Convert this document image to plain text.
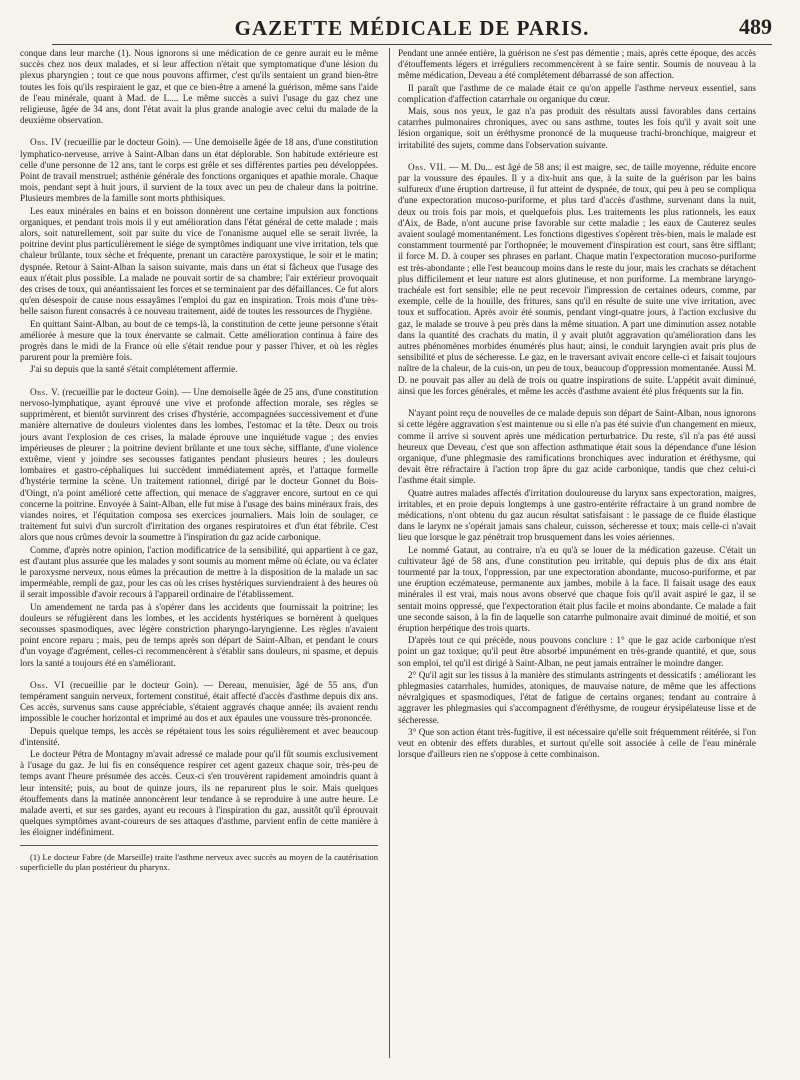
GAZETTE MÉDICALE DE PARIS.	489

conque dans leur marche (1). Nous ignorons si une médication de ce genre aurait eu le même succès chez nos deux malades, et si leur affection n'était que symptomatique d'une lésion du plexus pharyngien ; tout ce que nous pouvons affirmer, c'est qu'ils sentaient un grand bien-être toutes les fois qu'ils respiraient le gaz, et que ce bien-être a amené la guérison, même sans l'aide de l'eau minérale, quant à Mad. de L.... Le même succès a suivi l'usage du gaz chez une religieuse, âgée de 34 ans, dont l'état avait la plus grande analogie avec celui du malade de la deuxième observation.

Obs. IV (recueillie par le docteur Goin). — Une demoiselle âgée de 18 ans, d'une constitution lymphatico-nerveuse, arrive à Saint-Alban dans un état déplorable. Son habitude extérieure est celle d'une personne de 12 ans, tant le corps est grêle et ses différentes parties peu développées. Point de travail menstruel; asthénie générale des fonctions organiques et apathie morale. Chaque mois, pendant sept à huit jours, il survient de la toux avec un peu de chaleur dans la poitrine. Plusieurs membres de la famille sont morts phthisiques.

Les eaux minérales en bains et en boisson donnèrent une certaine impulsion aux fonctions organiques, et pendant trois mois il y eut amélioration dans l'état général de cette malade ; mais alors, soit naturellement, soit par suite du vice de l'onanisme auquel elle se serait livrée, la poitrine devint plus particulièrement le siége de symptômes indiquant une vive irritation, tels que chaleur brûlante, toux sèche et fréquente, prenant un caractère paroxystique, le soir et le matin; dyspnée. Retour à Saint-Alban la saison suivante, mais dans un état si fâcheux que l'usage des eaux n'était plus possible. La malade ne pouvait sortir de sa chambre; l'air extérieur provoquait des crises de toux, qui anéantissaient les forces et se terminaient par des défaillances. Ce fut alors qu'en désespoir de cause nous essayâmes l'emploi du gaz en inspiration. Trois mois d'une très-belle saison furent consacrés à ce nouveau traitement, aidé de toutes les ressources de l'hygiène.

En quittant Saint-Alban, au bout de ce temps-là, la constitution de cette jeune personne s'était améliorée à mesure que la toux énervante se calmait. Cette amélioration continua à faire des progrès dans le midi de la France où elle s'était rendue pour y passer l'hiver, et où les règles parurent pour la première fois.

J'ai su depuis que la santé s'était complétement affermie.

Obs. V. (recueillie par le docteur Goin). — Une demoiselle âgée de 25 ans, d'une constitution nervoso-lymphatique, ayant éprouvé une vive et profonde affection morale, ses règles se supprimèrent, et bientôt survinrent des crises d'hystérie, accompagnées successivement et d'une manière alternative de douleurs violentes dans les lombes, l'estomac et la tête. Deux ou trois jours avant l'explosion de ces crises, la malade éprouve une inquiétude vague ; des envies impérieuses de pleurer ; la poitrine devient brûlante et une toux sèche, sifflante, d'une violence extrême, vient y joindre ses secousses fatigantes pendant plusieurs heures ; les douleurs lombaires et gastro-céphaliques lui succèdent immédiatement après, et l'attaque formelle d'hystérie termine la scène. Un traitement rationnel, dirigé par le docteur Gonnet du Bois-d'Oingt, n'a point amélioré cette affection, qui menace de s'aggraver encore, surtout en ce qui concerne la poitrine. Envoyée à Saint-Alban, elle fut mise à l'usage des bains minéraux frais, des viandes noires, et l'équitation composa ses exercices journaliers. Mais loin de soulager, ce traitement fut suivi d'un surcroît d'irritation des organes respiratoires et d'un état fébrile. C'est alors que nous crûmes devoir la soumettre à l'inspiration du gaz acide carbonique.

Comme, d'après notre opinion, l'action modificatrice de la sensibilité, qui appartient à ce gaz, est d'autant plus assurée que les malades y sont soumis au moment même où éclate, ou va éclater le paroxysme nerveux, nous eûmes la précaution de mettre à la disposition de la malade un sac imperméable, rempli de gaz, pour les cas où les crises hystériques surviendraient à des heures où il serait impossible d'avoir recours à l'appareil ordinaire de l'établissement.

Un amendement ne tarda pas à s'opérer dans les accidents que fournissait la poitrine; les douleurs se réfugièrent dans les lombes, et les accidents hystériques se bornèrent à quelques secousses spasmodiques, avec légère constriction pharyngo-laryngienne. Les règles n'avaient point encore reparu ; mais, peu de temps après son départ de Saint-Alban, et pendant le cours d'un voyage d'agrément, celles-ci recommencèrent à s'établir sans douleurs, ni spasme, et depuis lors la santé a toujours été en s'améliorant.

Obs. VI (recueillie par le docteur Goin). — Dereau, menuisier, âgé de 55 ans, d'un tempérament sanguin nerveux, fortement constitué, était affecté d'accès d'asthme depuis dix ans. Ces accès, survenus sans cause appréciable, s'étaient aggravés chaque année; ils avaient rendu impossible le coucher horizontal et imprimé au dos et aux épaules une voussure très-prononcée.

Depuis quelque temps, les accès se répétaient tous les soirs régulièrement et avec beaucoup d'intensité.

Le docteur Pétra de Montagny m'avait adressé ce malade pour qu'il fût soumis exclusivement à l'usage du gaz. Je lui fis en conséquence respirer cet agent gazeux chaque soir, très-peu de temps avant l'heure présumée des accès. Ceux-ci s'en trouvèrent rapidement amoindris quant à leur intensité; puis, au bout de quinze jours, ils ne reparurent plus le soir. Mais quelques étouffements dans la matinée annoncèrent leur tendance à se reproduire à une autre heure. Le malade averti, et sur ses gardes, ayant eu recours à l'inspiration du gaz, aussitôt qu'il éprouvait quelques symptômes avant-coureurs de ses attaques d'asthme, parvient enfin de cette manière à les éloigner indéfiniment.

(1) Le docteur Fabre (de Marseille) traite l'asthme nerveux avec succès au moyen de la cautérisation superficielle du plan postérieur du pharynx.

Pendant une année entière, la guérison ne s'est pas démentie ; mais, après cette époque, des accès d'étouffements légers et irréguliers recommencèrent à se faire sentir. Soumis de nouveau à la même médication, Deveau a été complétement débarrassé de son affection.

Il paraît que l'asthme de ce malade était ce qu'on appelle l'asthme nerveux essentiel, sans complication d'affection catarrhale ou organique du cœur.

Mais, sous nos yeux, le gaz n'a pas produit des résultats aussi favorables dans certains catarrhes pulmonaires chroniques, avec ou sans asthme, toutes les fois qu'il y avait soit une lésion organique, soit un éréthysme prononcé de la muqueuse trachi-bronchique, maigreur et irritabilité des sujets, comme dans l'observation suivante.

Obs. VII. — M. Du... est âgé de 58 ans; il est maigre, sec, de taille moyenne, réduite encore par la voussure des épaules. Il y a dix-huit ans que, à la suite de la guérison par les bains sulfureux d'une éruption dartreuse, il fut atteint de dyspnée, de toux, qui peu à peu se compliqua d'une expectoration mucoso-puriforme, et plus tard d'accès d'asthme, survenant dans la nuit, deux ou trois fois par mois, et quelquefois plus. Les traitements les plus rationnels, les eaux d'Aix, de Bade, n'ont aucune prise favorable sur cette maladie ; les eaux de Cauterez seules avaient soulagé momentanément. Les fonctions digestives s'opèrent très-bien, mais le malade est constamment tourmenté par l'orthopnée; le mouvement d'inspiration est court, sans être sifflant; il force M. D. à couper ses phrases en parlant. Chaque matin l'expectoration mucoso-puriforme est très-abondante ; elle l'est beaucoup moins dans le reste du jour, mais les crachats se détachent plus difficilement et leur nature est alors glutineuse, et non puriforme. La membrane laryngo-trachéale est fort sensible; elle ne peut recevoir l'impression de certaines odeurs, comme, par exemple, celle de la houille, des fritures, sans qu'il en résulte de suite une vive irritation, avec toux et suffocation. Après avoir été soumis, pendant vingt-quatre jours, à l'action exclusive du gaz, le malade se trouve à peu près dans la même situation. A part une diminution assez notable dans la quantité des crachats du matin, il y avait plutôt aggravation qu'amélioration dans les autres phénomènes morbides énumérés plus haut; ainsi, le conduit laryngien avait pris plus de sensibilité et plus de sécheresse. Le gaz, en le traversant avivait encore celle-ci et faisait toujours naître de la chaleur, de la cuis-on, un peu de toux, beaucoup d'oppression momentanée. Aussi M. D. ne pouvait pas aller au delà de trois ou quatre inspirations de suite. L'appétit avait diminué, ainsi que les forces générales, et même les accès d'asthme avaient été plus fréquents sur la fin.

N'ayant point reçu de nouvelles de ce malade depuis son départ de Saint-Alban, nous ignorons si cette légère aggravation s'est maintenue ou si elle n'a pas été suivie d'un changement en mieux, comme il arrive si souvent après une médication perturbatrice. Du reste, s'il n'a pas été aussi heureux que Deveau, c'est que son affection asthmatique était sous la dépendance d'une lésion organique, d'une phlegmasie des ramifications bronchiques avec induration et éréthysme, qui devait être réfractaire à l'action trop âpre du gaz acide carbonique, tandis que chez celui-ci l'asthme était simple.

Quatre autres malades affectés d'irritation douloureuse du larynx sans expectoration, maigres, irritables, et en proie depuis longtemps à une gastro-entérite réfractaire à un grand nombre de médications, n'ont obtenu du gaz aucun résultat satisfaisant : le passage de ce fluide élastique dans le larynx ne s'opérait jamais sans chaleur, cuisson, sécheresse et toux; mais celle-ci n'avait lieu que lorsque le gaz pénétrait trop brusquement dans les voies aériennes.

Le nommé Gataut, au contraire, n'a eu qu'à se louer de la médication gazeuse. C'était un cultivateur âgé de 58 ans, d'une constitution peu irritable, qui depuis plus de dix ans était tourmenté par la toux, l'oppression, par une expectoration abondante, mucoso-puriforme, et par une éruption eczémateuse, permanente aux jambes, mobile à la face. Il faisait usage des eaux minérales il est vrai, mais nous avons observé que chaque fois qu'il avait aspiré le gaz, il se sentait moins oppressé, que l'expectoration était plus facile et moins abondante. Ce malade a fait une seconde saison, à la fin de laquelle son catarrhe pulmonaire avait diminué de moitié, et son éruption herpétique des trois quarts.

D'après tout ce qui précède, nous pouvons conclure : 1° que le gaz acide carbonique n'est point un gaz toxique; qu'il peut être absorbé impunément en très-grande quantité, et que, sous son emploi, tel qu'il est dirigé à Saint-Alban, ne peut jamais entraîner le moindre danger.

2° Qu'il agit sur les tissus à la manière des stimulants astringents et dessicatifs : améliorant les phlegmasies catarrhales, humides, atoniques, de mauvaise nature, de même que les affections névralgiques et spasmodiques, l'état de fatigue de certains organes; tendant au contraire à aggraver les phlegmasies qui s'accompagnent d'éréthysme, de rougeur érysipélateuse lisse et de sécheresse.

3° Que son action étant très-fugitive, il est nécessaire qu'elle soit fréquemment réitérée, si l'on veut en obtenir des effets durables, et surtout qu'elle soit associée à celle de l'eau minérale lorsque d'ailleurs rien ne s'oppose à cette combinaison.
